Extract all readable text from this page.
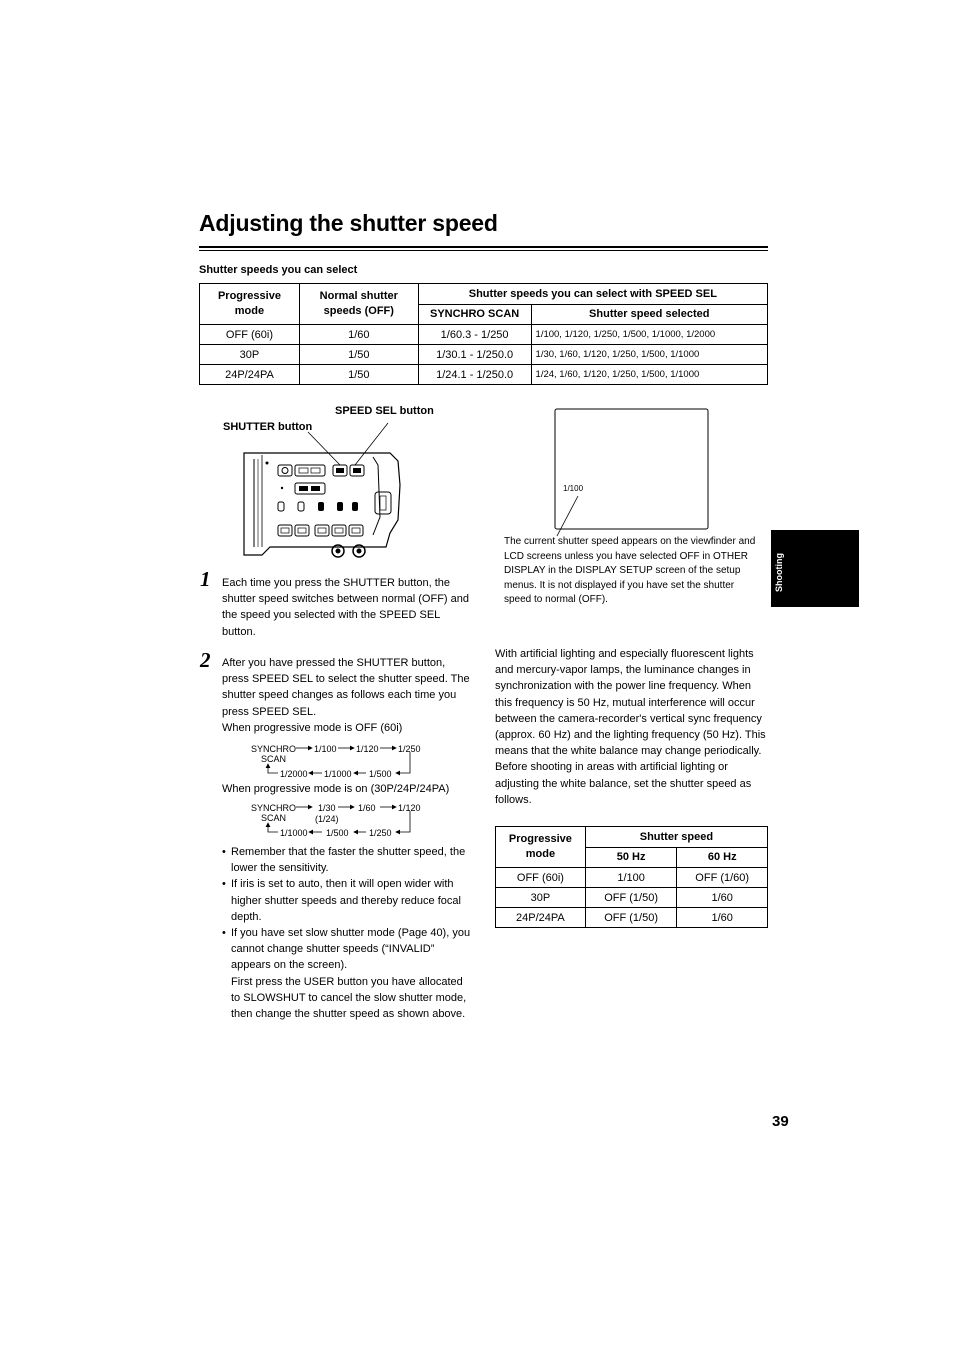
Adjusting the shutter speed
Shutter speeds you can select
Progressive mode	Normal shutter speeds (OFF)	Shutter speeds you can select with SPEED SEL	
		SYNCHRO SCAN	Shutter speed selected
OFF (60i)	1/60	1/60.3 - 1/250	1/100, 1/120, 1/250, 1/500, 1/1000, 1/2000
30P	1/50	1/30.1 - 1/250.0	1/30, 1/60, 1/120, 1/250, 1/500, 1/1000
24P/24PA	1/50	1/24.1 - 1/250.0	1/24, 1/60, 1/120, 1/250, 1/500, 1/1000
SPEED SEL button
SHUTTER button
1/100
The current shutter speed appears on the viewfinder and LCD screens unless you have selected OFF in OTHER DISPLAY in the DISPLAY SETUP screen of the setup menus. It is not displayed if you have set the shutter speed to normal (OFF).
1 Each time you press the SHUTTER button, the shutter speed switches between normal (OFF) and the speed you selected with the SPEED SEL button.
2 After you have pressed the SHUTTER button, press SPEED SEL to select the shutter speed. The shutter speed changes as follows each time you press SPEED SEL.
When progressive mode is OFF (60i)
SYNCHRO
SCAN
1/100 1/120 1/250
1/2000 1/1000 1/500
When progressive mode is on (30P/24P/24PA)
SYNCHRO
SCAN
1/30
(1/24)
1/60 1/120
1/1000 1/500 1/250
• Remember that the faster the shutter speed, the lower the sensitivity.
• If iris is set to auto, then it will open wider with higher shutter speeds and thereby reduce focal depth.
• If you have set slow shutter mode (Page 40), you cannot change shutter speeds (“INVALID” appears on the screen).
First press the USER button you have allocated to SLOWSHUT to cancel the slow shutter mode, then change the shutter speed as shown above.
With artificial lighting and especially fluorescent lights and mercury-vapor lamps, the luminance changes in synchronization with the power line frequency. When this frequency is 50 Hz, mutual interference will occur between the camera-recorder's vertical sync frequency (approx. 60 Hz) and the lighting frequency (50 Hz). This means that the white balance may change periodically.
Before shooting in areas with artificial lighting or adjusting the white balance, set the shutter speed as follows.
Progressive mode	Shutter speed	
	50 Hz	60 Hz
OFF (60i)	1/100	OFF (1/60)
30P	OFF (1/50)	1/60
24P/24PA	OFF (1/50)	1/60
Shooting
39
